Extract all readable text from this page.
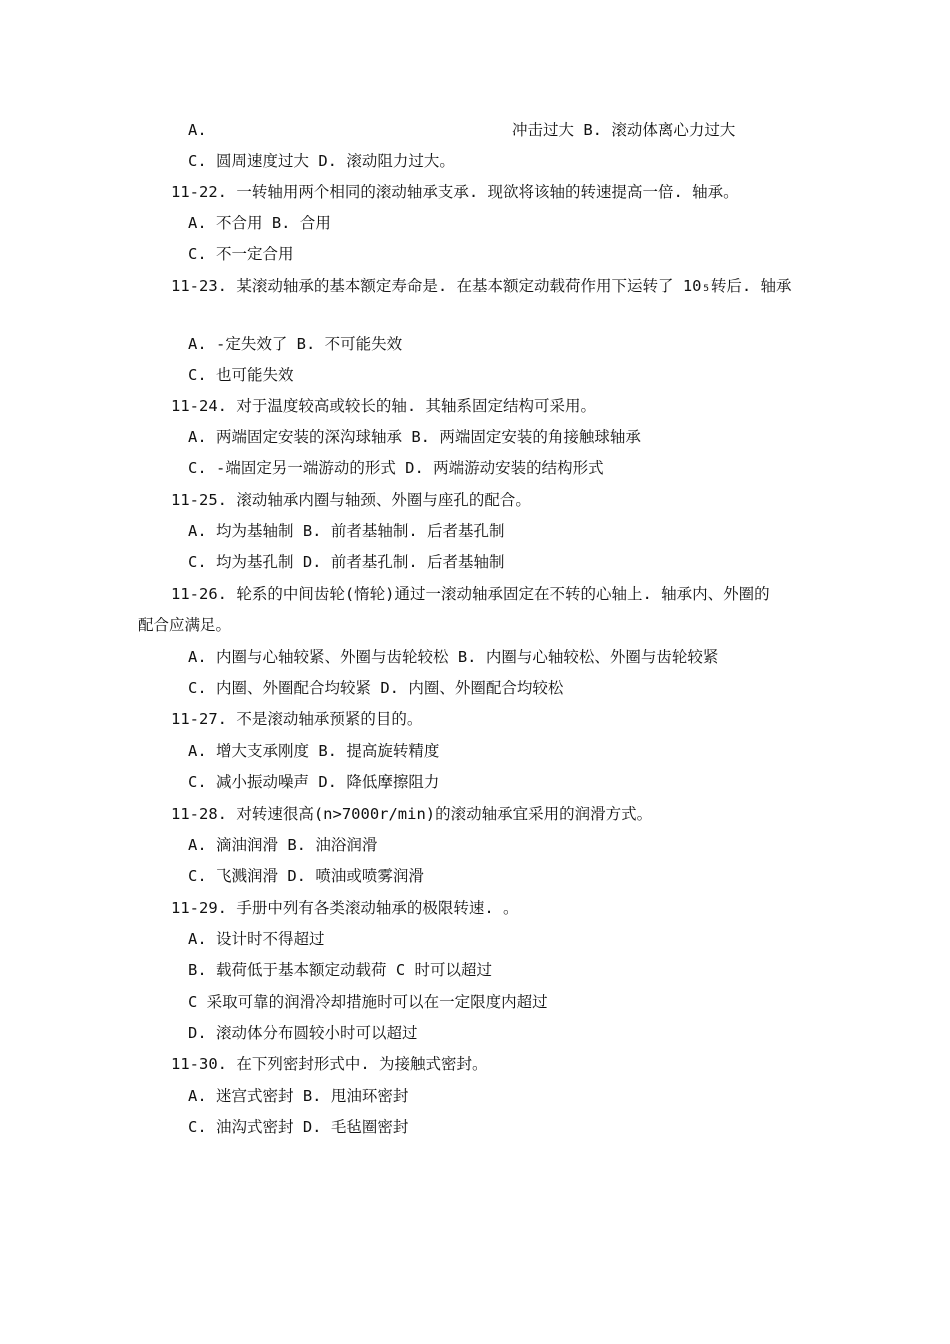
A.	冲击过大 B. 滚动体离心力过大
C. 圆周速度过大 D. 滚动阻力过大。
11-22. 一转轴用两个相同的滚动轴承支承. 现欲将该轴的转速提高一倍. 轴承。
A. 不合用 B. 合用
C. 不一定合用
11-23. 某滚动轴承的基本额定寿命是. 在基本额定动载荷作用下运转了 10₅转后. 轴承
A. -定失效了 B. 不可能失效
C. 也可能失效
11-24. 对于温度较高或较长的轴. 其轴系固定结构可采用。
A. 两端固定安装的深沟球轴承 B. 两端固定安装的角接触球轴承
C. -端固定另一端游动的形式 D. 两端游动安装的结构形式
11-25. 滚动轴承内圈与轴颈、外圈与座孔的配合。
A. 均为基轴制 B. 前者基轴制. 后者基孔制
C. 均为基孔制 D. 前者基孔制. 后者基轴制
11-26. 轮系的中间齿轮(惰轮)通过一滚动轴承固定在不转的心轴上. 轴承内、外圈的
配合应满足。
A. 内圈与心轴较紧、外圈与齿轮较松 B. 内圈与心轴较松、外圈与齿轮较紧
C. 内圈、外圈配合均较紧 D. 内圈、外圈配合均较松
11-27. 不是滚动轴承预紧的目的。
A. 增大支承刚度 B. 提高旋转精度
C. 减小振动噪声 D. 降低摩擦阻力
11-28. 对转速很高(n>7000r/min)的滚动轴承宜采用的润滑方式。
A. 滴油润滑 B. 油浴润滑
C. 飞溅润滑 D. 喷油或喷雾润滑
11-29. 手册中列有各类滚动轴承的极限转速. 。
A. 设计时不得超过
B. 载荷低于基本额定动载荷 C 时可以超过
C 采取可靠的润滑冷却措施时可以在一定限度内超过
D. 滚动体分布圆较小时可以超过
11-30. 在下列密封形式中. 为接触式密封。
A. 迷宫式密封 B. 甩油环密封
C. 油沟式密封 D. 毛毡圈密封
